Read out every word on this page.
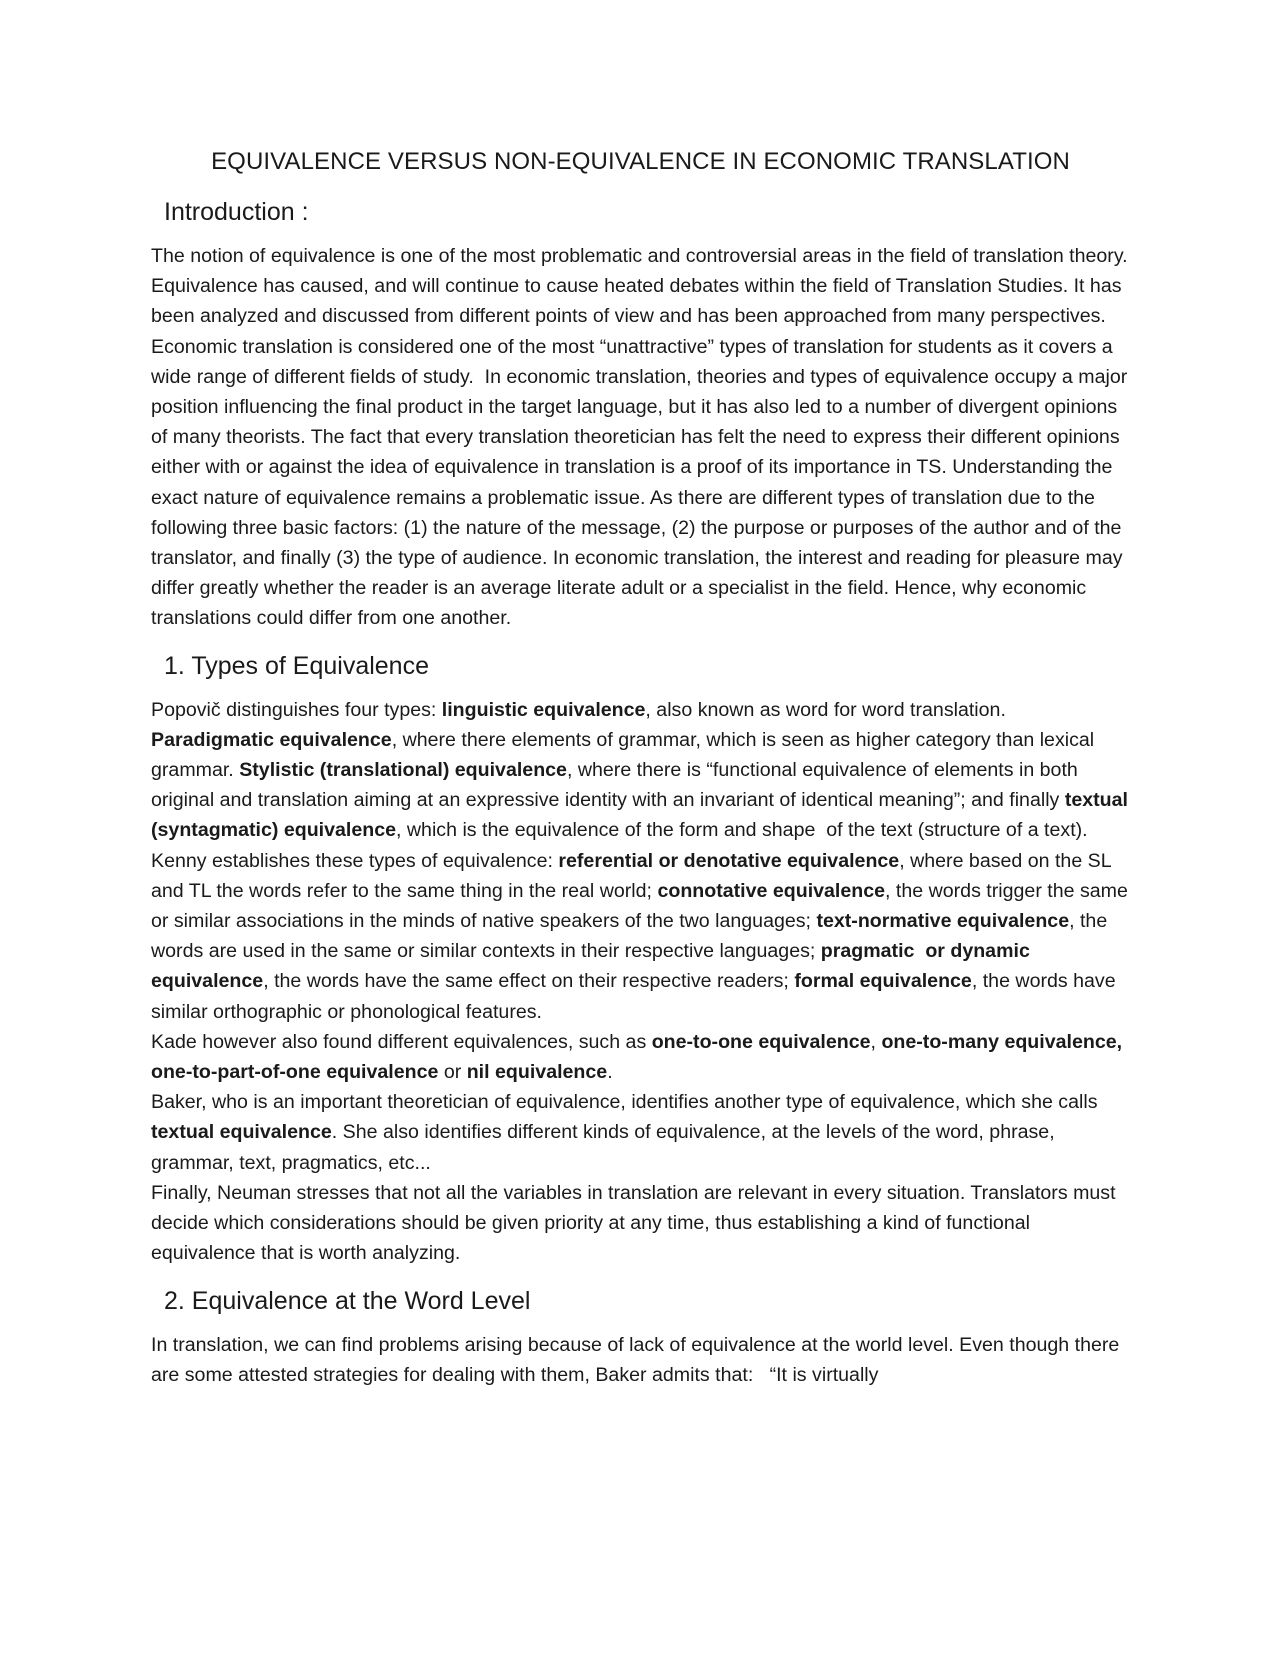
EQUIVALENCE VERSUS NON-EQUIVALENCE IN ECONOMIC TRANSLATION
Introduction :

The notion of equivalence is one of the most problematic and controversial areas in the field of translation theory. Equivalence has caused, and will continue to cause heated debates within the field of Translation Studies. It has been analyzed and discussed from different points of view and has been approached from many perspectives. Economic translation is considered one of the most “unattractive” types of translation for students as it covers a wide range of different fields of study.  In economic translation, theories and types of equivalence occupy a major position influencing the final product in the target language, but it has also led to a number of divergent opinions of many theorists. The fact that every translation theoretician has felt the need to express their different opinions either with or against the idea of equivalence in translation is a proof of its importance in TS. Understanding the exact nature of equivalence remains a problematic issue. As there are different types of translation due to the following three basic factors: (1) the nature of the message, (2) the purpose or purposes of the author and of the translator, and finally (3) the type of audience. In economic translation, the interest and reading for pleasure may differ greatly whether the reader is an average literate adult or a specialist in the field. Hence, why economic translations could differ from one another.

1. Types of Equivalence

Popovič distinguishes four types: linguistic equivalence, also known as word for word translation. Paradigmatic equivalence, where there elements of grammar, which is seen as higher category than lexical grammar. Stylistic (translational) equivalence, where there is “functional equivalence of elements in both original and translation aiming at an expressive identity with an invariant of identical meaning”; and finally textual (syntagmatic) equivalence, which is the equivalence of the form and shape  of the text (structure of a text).

Kenny establishes these types of equivalence: referential or denotative equivalence, where based on the SL and TL the words refer to the same thing in the real world; connotative equivalence, the words trigger the same or similar associations in the minds of native speakers of the two languages; text-normative equivalence, the words are used in the same or similar contexts in their respective languages; pragmatic  or dynamic equivalence, the words have the same effect on their respective readers; formal equivalence, the words have similar orthographic or phonological features.

Kade however also found different equivalences, such as one-to-one equivalence, one-to-many equivalence, one-to-part-of-one equivalence or nil equivalence.

Baker, who is an important theoretician of equivalence, identifies another type of equivalence, which she calls textual equivalence. She also identifies different kinds of equivalence, at the levels of the word, phrase, grammar, text, pragmatics, etc...

Finally, Neuman stresses that not all the variables in translation are relevant in every situation. Translators must decide which considerations should be given priority at any time, thus establishing a kind of functional equivalence that is worth analyzing.

2. Equivalence at the Word Level

In translation, we can find problems arising because of lack of equivalence at the world level. Even though there are some attested strategies for dealing with them, Baker admits that:   “It is virtually
